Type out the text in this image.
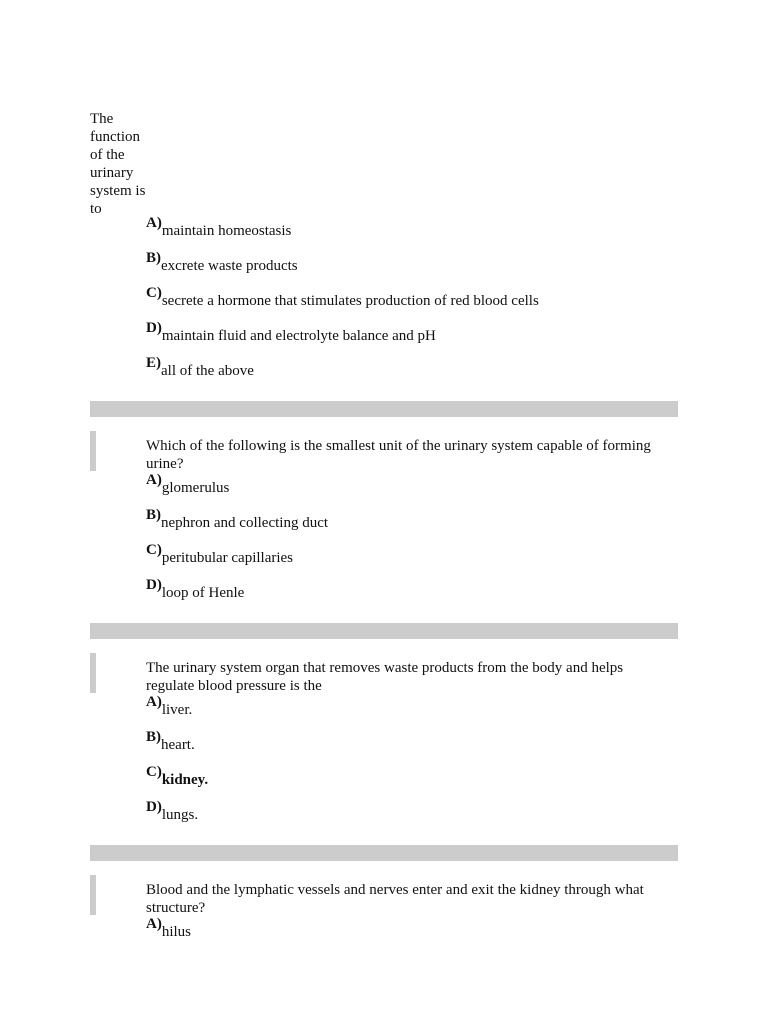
The function of the urinary system is to
A) maintain homeostasis
B) excrete waste products
C) secrete a hormone that stimulates production of red blood cells
D) maintain fluid and electrolyte balance and pH
E) all of the above
2
Which of the following is the smallest unit of the urinary system capable of forming urine?
A) glomerulus
B) nephron and collecting duct
C) peritubular capillaries
D) loop of Henle
3
The urinary system organ that removes waste products from the body and helps regulate blood pressure is the
A) liver.
B) heart.
C) kidney.
D) lungs.
4
Blood and the lymphatic vessels and nerves enter and exit the kidney through what structure?
A) hilus
